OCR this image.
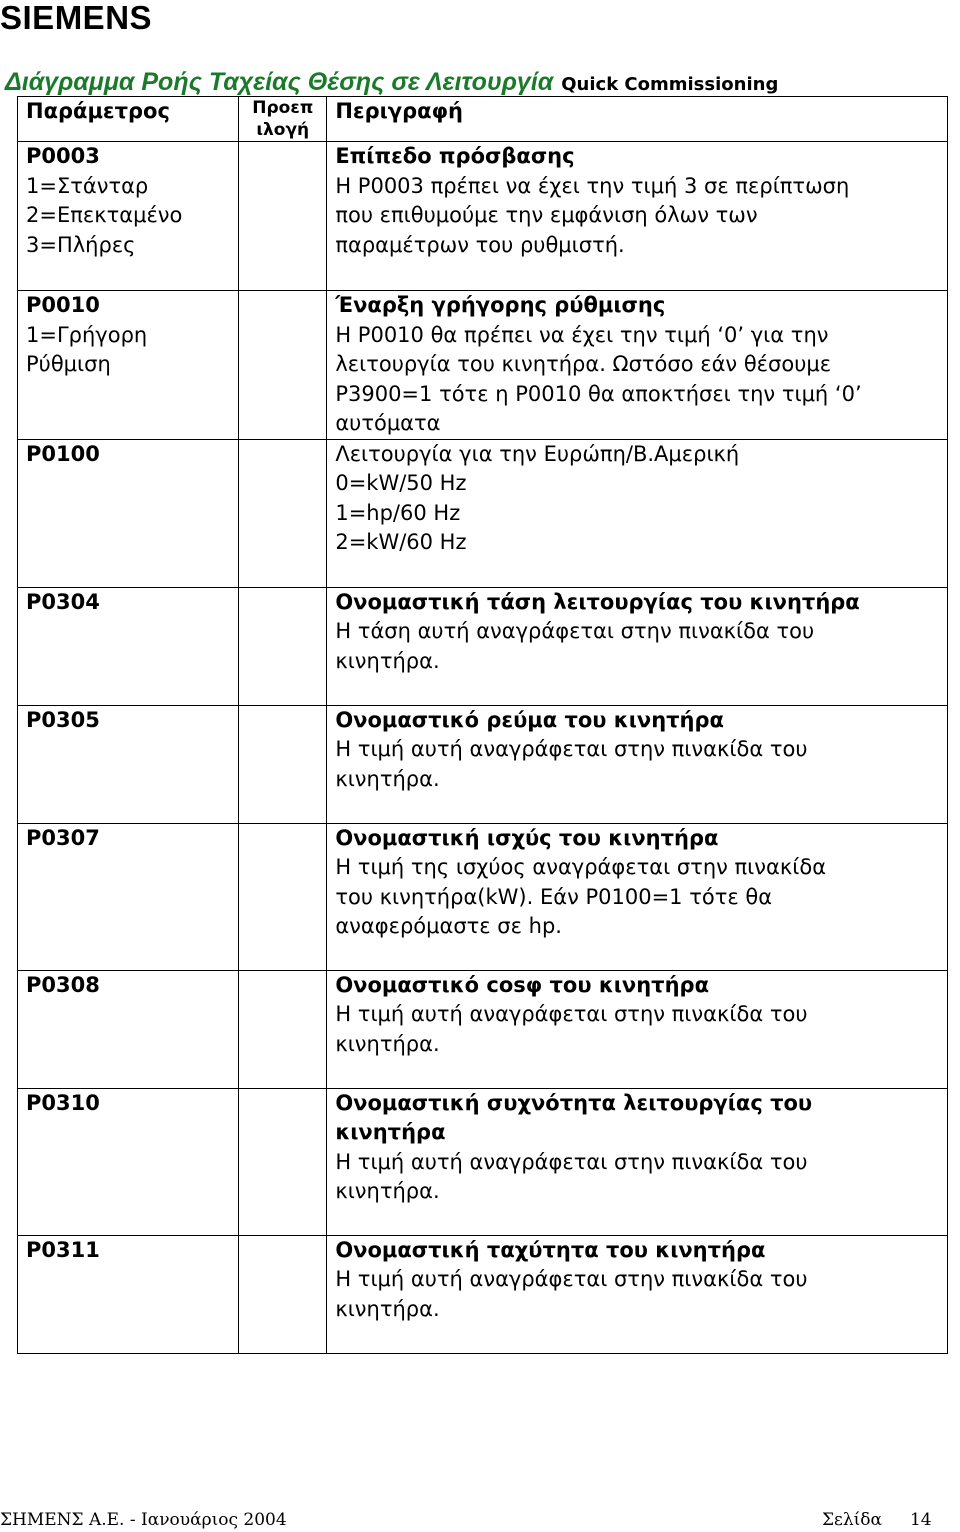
SIEMENS
Διάγραμμα Ροής Ταχείας Θέσης σε Λειτουργία Quick Commissioning
Παράμετρος	Προεπ ιλογή	Περιγραφή

P0003
1=Στάνταρ
2=Επεκταμένο
3=Πλήρες		Επίπεδο πρόσβασης
Η P0003 πρέπει να έχει την τιμή 3 σε περίπτωση
που επιθυμούμε την εμφάνιση όλων των
παραμέτρων του ρυθμιστή.

P0010
1=Γρήγορη
Ρύθμιση		Έναρξη γρήγορης ρύθμισης
Η P0010 θα πρέπει να έχει την τιμή ‘0’ για την
λειτουργία του κινητήρα. Ωστόσο εάν θέσουμε
P3900=1 τότε η P0010 θα αποκτήσει την τιμή ‘0’
αυτόματα

P0100		Λειτουργία για την Ευρώπη/Β.Αμερική
0=kW/50 Hz
1=hp/60 Hz
2=kW/60 Hz

P0304		Ονομαστική τάση λειτουργίας του κινητήρα
Η τάση αυτή αναγράφεται στην πινακίδα του
κινητήρα.

P0305		Ονομαστικό ρεύμα του κινητήρα
Η τιμή αυτή αναγράφεται στην πινακίδα του
κινητήρα.

P0307		Ονομαστική ισχύς του κινητήρα
Η τιμή της ισχύος αναγράφεται στην πινακίδα
του κινητήρα(kW). Εάν P0100=1 τότε θα
αναφερόμαστε σε hp.

P0308		Ονομαστικό cosφ του κινητήρα
Η τιμή αυτή αναγράφεται στην πινακίδα του
κινητήρα.

P0310		Ονομαστική συχνότητα λειτουργίας του κινητήρα
Η τιμή αυτή αναγράφεται στην πινακίδα του
κινητήρα.

P0311		Ονομαστική ταχύτητα του κινητήρα
Η τιμή αυτή αναγράφεται στην πινακίδα του
κινητήρα.
ΣΗΜΕΝΣ Α.Ε. - Ιανουάριος 2004	Σελίδα 14
